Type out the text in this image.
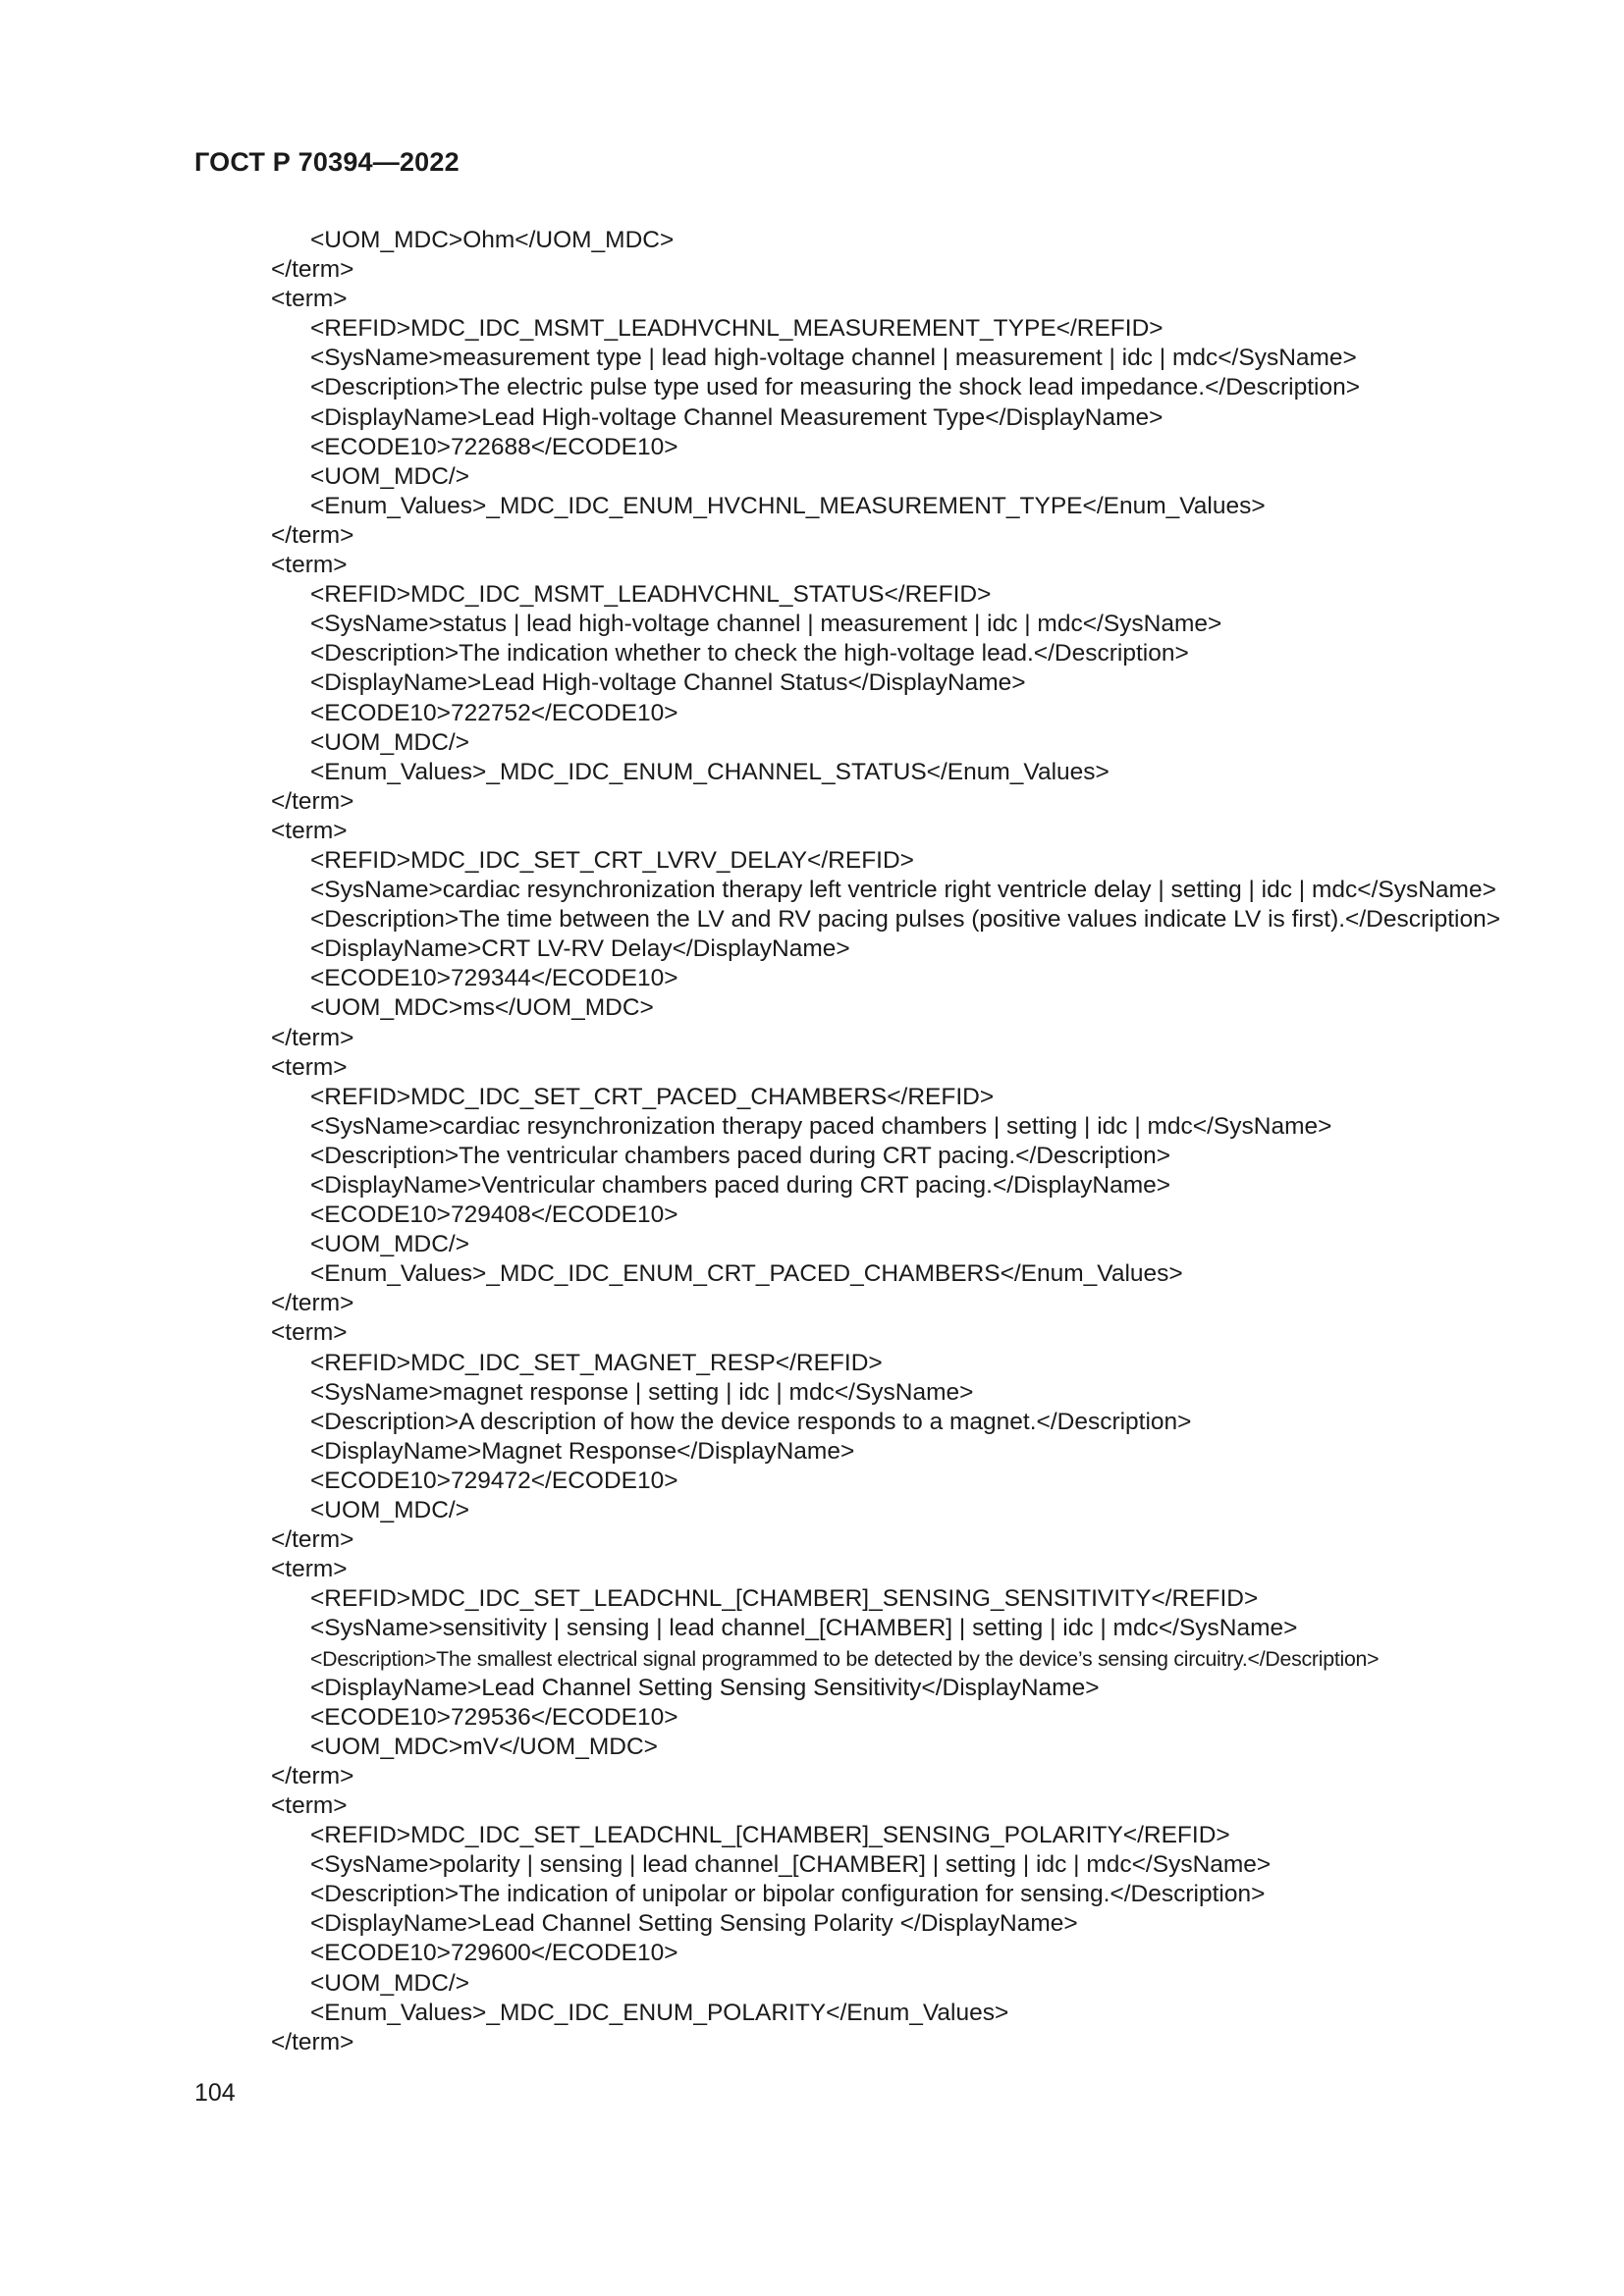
ГОСТ Р 70394—2022
<UOM_MDC>Ohm</UOM_MDC>
</term>
<term>
<REFID>MDC_IDC_MSMT_LEADHVCHNL_MEASUREMENT_TYPE</REFID>
<SysName>measurement type | lead high-voltage channel | measurement | idc | mdc</SysName>
<Description>The electric pulse type used for measuring the shock lead impedance.</Description>
<DisplayName>Lead High-voltage Channel Measurement Type</DisplayName>
<ECODE10>722688</ECODE10>
<UOM_MDC/>
<Enum_Values>_MDC_IDC_ENUM_HVCHNL_MEASUREMENT_TYPE</Enum_Values>
</term>
<term>
<REFID>MDC_IDC_MSMT_LEADHVCHNL_STATUS</REFID>
<SysName>status | lead high-voltage channel | measurement | idc | mdc</SysName>
<Description>The indication whether to check the high-voltage lead.</Description>
<DisplayName>Lead High-voltage Channel Status</DisplayName>
<ECODE10>722752</ECODE10>
<UOM_MDC/>
<Enum_Values>_MDC_IDC_ENUM_CHANNEL_STATUS</Enum_Values>
</term>
<term>
<REFID>MDC_IDC_SET_CRT_LVRV_DELAY</REFID>
<SysName>cardiac resynchronization therapy left ventricle right ventricle delay | setting | idc | mdc</SysName>
<Description>The time between the LV and RV pacing pulses (positive values indicate LV is first).</Description>
<DisplayName>CRT LV-RV Delay</DisplayName>
<ECODE10>729344</ECODE10>
<UOM_MDC>ms</UOM_MDC>
</term>
<term>
<REFID>MDC_IDC_SET_CRT_PACED_CHAMBERS</REFID>
<SysName>cardiac resynchronization therapy paced chambers | setting | idc | mdc</SysName>
<Description>The ventricular chambers paced during CRT pacing.</Description>
<DisplayName>Ventricular chambers paced during CRT pacing.</DisplayName>
<ECODE10>729408</ECODE10>
<UOM_MDC/>
<Enum_Values>_MDC_IDC_ENUM_CRT_PACED_CHAMBERS</Enum_Values>
</term>
<term>
<REFID>MDC_IDC_SET_MAGNET_RESP</REFID>
<SysName>magnet response | setting | idc | mdc</SysName>
<Description>A description of how the device responds to a magnet.</Description>
<DisplayName>Magnet Response</DisplayName>
<ECODE10>729472</ECODE10>
<UOM_MDC/>
</term>
<term>
<REFID>MDC_IDC_SET_LEADCHNL_[CHAMBER]_SENSING_SENSITIVITY</REFID>
<SysName>sensitivity | sensing | lead channel_[CHAMBER] | setting | idc | mdc</SysName>
<Description>The smallest electrical signal programmed to be detected by the device’s sensing circuitry.</Description>
<DisplayName>Lead Channel Setting Sensing Sensitivity</DisplayName>
<ECODE10>729536</ECODE10>
<UOM_MDC>mV</UOM_MDC>
</term>
<term>
<REFID>MDC_IDC_SET_LEADCHNL_[CHAMBER]_SENSING_POLARITY</REFID>
<SysName>polarity | sensing | lead channel_[CHAMBER] | setting | idc | mdc</SysName>
<Description>The indication of unipolar or bipolar configuration for sensing.</Description>
<DisplayName>Lead Channel Setting Sensing Polarity </DisplayName>
<ECODE10>729600</ECODE10>
<UOM_MDC/>
<Enum_Values>_MDC_IDC_ENUM_POLARITY</Enum_Values>
</term>
104
